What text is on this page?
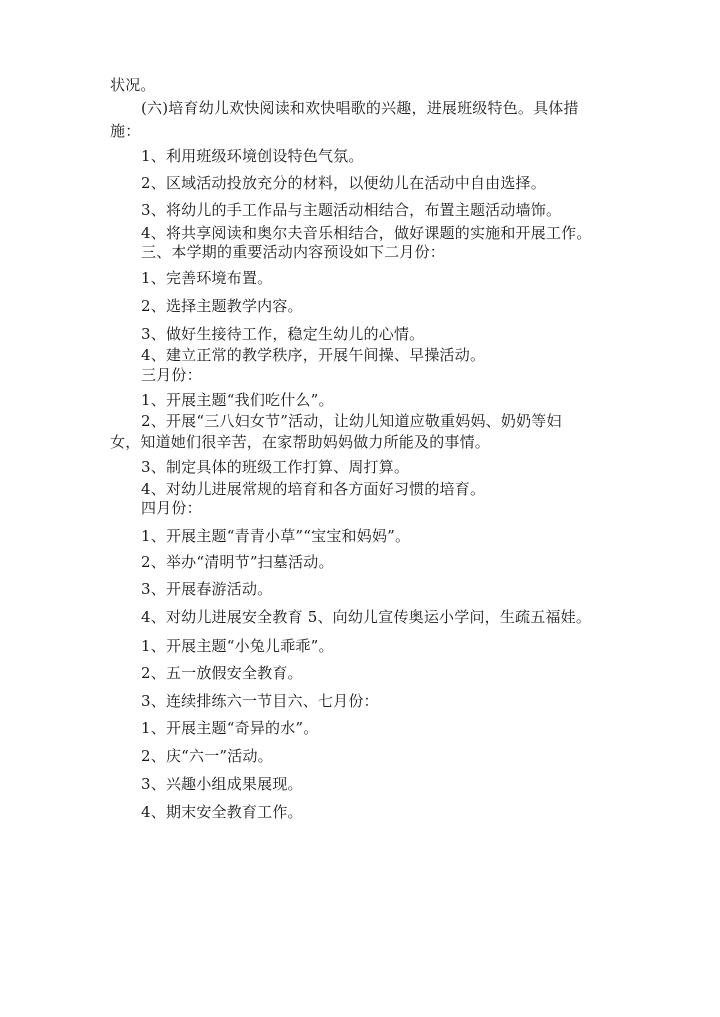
状况。
(六)培育幼儿欢快阅读和欢快唱歌的兴趣，进展班级特色。具体措
施：
1、利用班级环境创设特色气氛。
2、区域活动投放充分的材料，以便幼儿在活动中自由选择。
3、将幼儿的手工作品与主题活动相结合，布置主题活动墙饰。
4、将共享阅读和奥尔夫音乐相结合，做好课题的实施和开展工作。
三、本学期的重要活动内容预设如下二月份：
1、完善环境布置。
2、选择主题教学内容。
3、做好生接待工作，稳定生幼儿的心情。
4、建立正常的教学秩序，开展午间操、早操活动。
三月份：
1、开展主题“我们吃什么”。
2、开展“三八妇女节”活动，让幼儿知道应敬重妈妈、奶奶等妇
女，知道她们很辛苦，在家帮助妈妈做力所能及的事情。
3、制定具体的班级工作打算、周打算。
4、对幼儿进展常规的培育和各方面好习惯的培育。
四月份：
1、开展主题“青青小草”“宝宝和妈妈”。
2、举办“清明节”扫墓活动。
3、开展春游活动。
4、对幼儿进展安全教育 5、向幼儿宣传奥运小学问，生疏五福娃。
1、开展主题“小兔儿乖乖”。
2、五一放假安全教育。
3、连续排练六一节目六、七月份：
1、开展主题“奇异的水”。
2、庆“六一”活动。
3、兴趣小组成果展现。
4、期末安全教育工作。
